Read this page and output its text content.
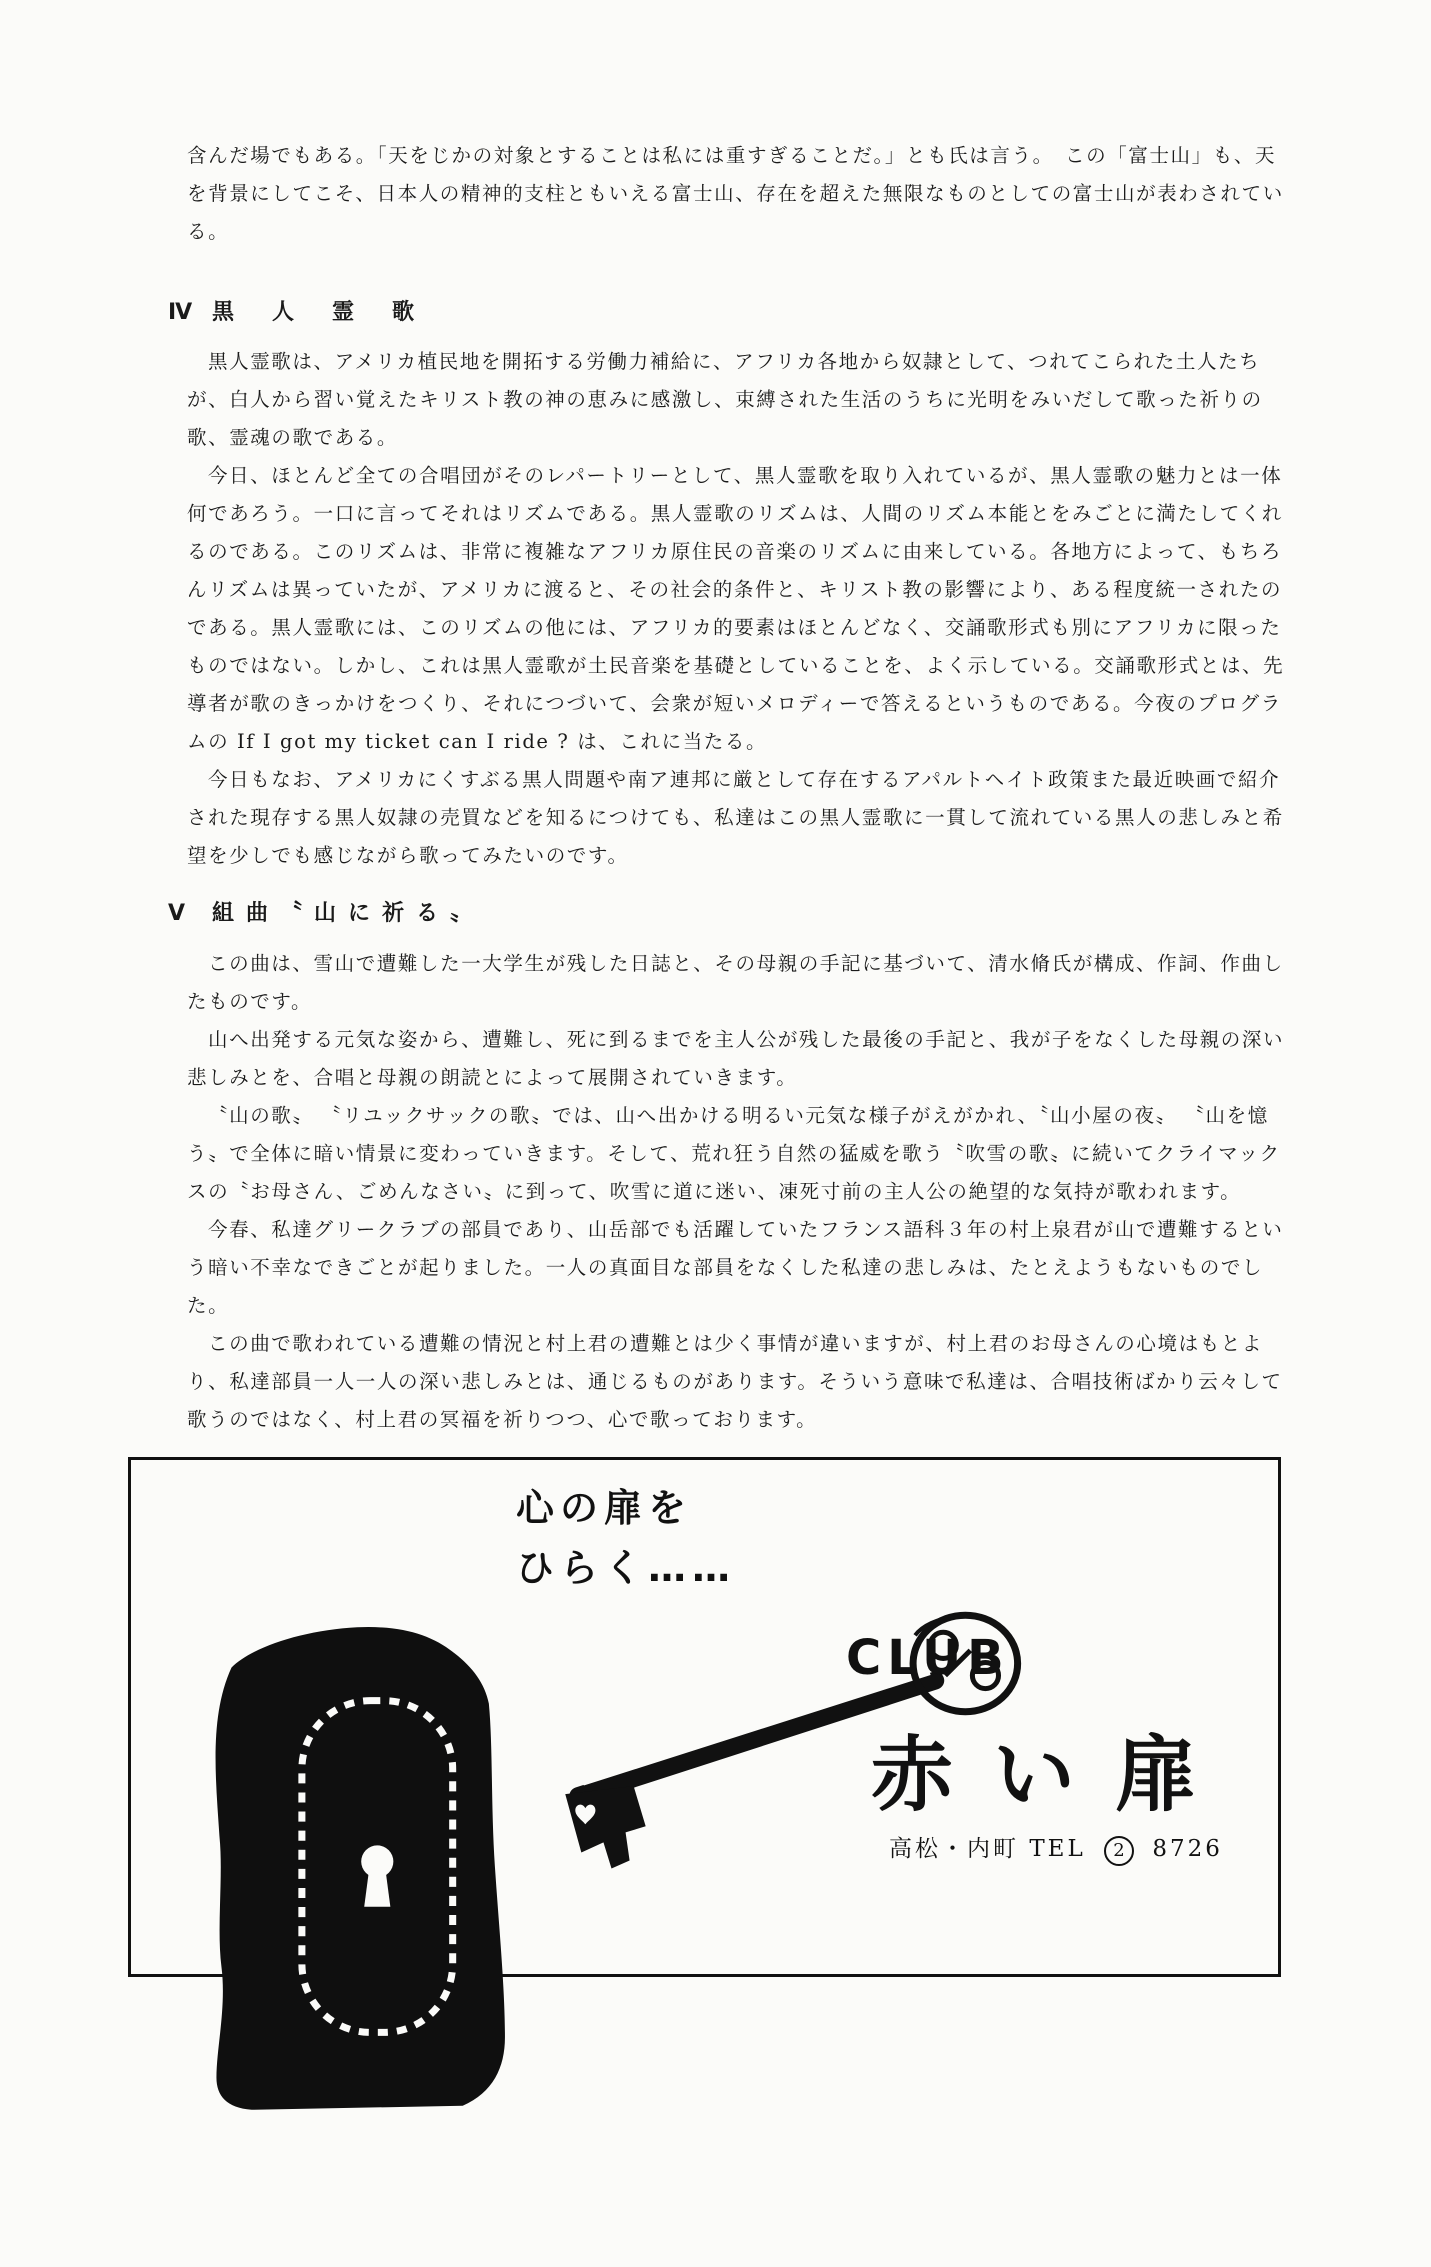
含んだ場でもある。「天をじかの対象とすることは私には重すぎることだ。」とも氏は言う。　この「富士山」も、天を背景にしてこそ、日本人の精神的支柱ともいえる富士山、存在を超えた無限なものとしての富士山が表わされている。

Ⅳ 黒人霊歌

黒人霊歌は、アメリカ植民地を開拓する労働力補給に、アフリカ各地から奴隷として、つれてこられた土人たちが、白人から習い覚えたキリスト教の神の恵みに感激し、束縛された生活のうちに光明をみいだして歌った祈りの歌、霊魂の歌である。

今日、ほとんど全ての合唱団がそのレパートリーとして、黒人霊歌を取り入れているが、黒人霊歌の魅力とは一体何であろう。一口に言ってそれはリズムである。黒人霊歌のリズムは、人間のリズム本能とをみごとに満たしてくれるのである。このリズムは、非常に複雑なアフリカ原住民の音楽のリズムに由来している。各地方によって、もちろんリズムは異っていたが、アメリカに渡ると、その社会的条件と、キリスト教の影響により、ある程度統一されたのである。黒人霊歌には、このリズムの他には、アフリカ的要素はほとんどなく、交誦歌形式も別にアフリカに限ったものではない。しかし、これは黒人霊歌が土民音楽を基礎としていることを、よく示している。交誦歌形式とは、先導者が歌のきっかけをつくり、それにつづいて、会衆が短いメロディーで答えるというものである。今夜のプログラムの If I got my ticket can I ride ? は、これに当たる。

今日もなお、アメリカにくすぶる黒人問題や南ア連邦に厳として存在するアパルトヘイト政策また最近映画で紹介された現存する黒人奴隷の売買などを知るにつけても、私達はこの黒人霊歌に一貫して流れている黒人の悲しみと希望を少しでも感じながら歌ってみたいのです。

Ⅴ 組曲〝山に祈る〟

この曲は、雪山で遭難した一大学生が残した日誌と、その母親の手記に基づいて、清水脩氏が構成、作詞、作曲したものです。

山へ出発する元気な姿から、遭難し、死に到るまでを主人公が残した最後の手記と、我が子をなくした母親の深い悲しみとを、合唱と母親の朗読とによって展開されていきます。

〝山の歌〟 〝リユックサックの歌〟では、山へ出かける明るい元気な様子がえがかれ、〝山小屋の夜〟 〝山を憶う〟で全体に暗い情景に変わっていきます。そして、荒れ狂う自然の猛威を歌う〝吹雪の歌〟に続いてクライマックスの〝お母さん、ごめんなさい〟に到って、吹雪に道に迷い、凍死寸前の主人公の絶望的な気持が歌われます。

今春、私達グリークラブの部員であり、山岳部でも活躍していたフランス語科３年の村上泉君が山で遭難するという暗い不幸なできごとが起りました。一人の真面目な部員をなくした私達の悲しみは、たとえようもないものでした。

この曲で歌われている遭難の情況と村上君の遭難とは少く事情が違いますが、村上君のお母さんの心境はもとより、私達部員一人一人の深い悲しみとは、通じるものがあります。そういう意味で私達は、合唱技術ばかり云々して歌うのではなく、村上君の冥福を祈りつつ、心で歌っております。

心の扉を
ひらく……
CLUB
赤い扉
高松・内町 TEL 2 8726
